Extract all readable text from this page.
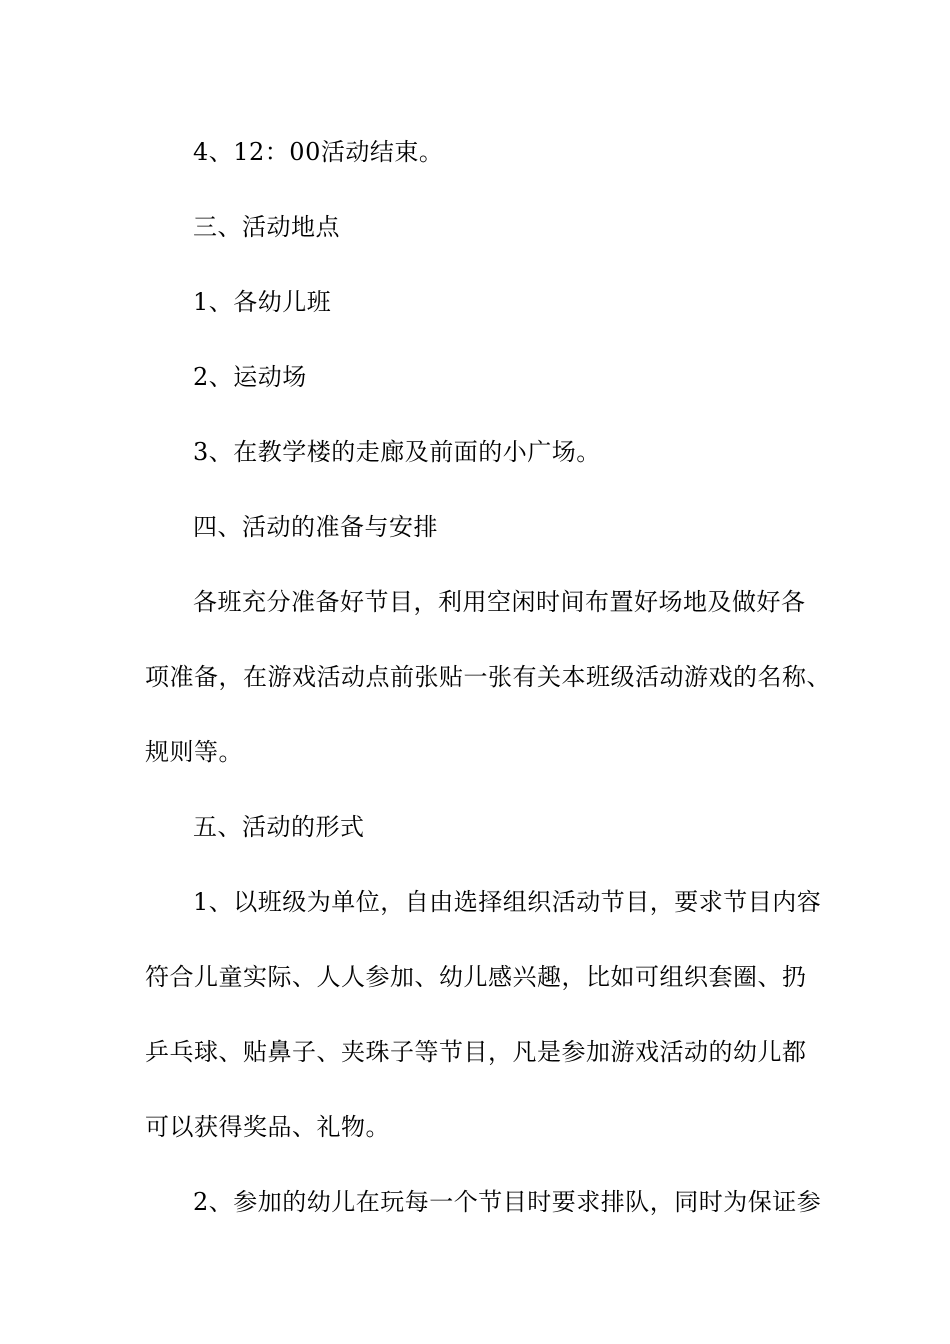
4、12：00活动结束。
三、活动地点
1、各幼儿班
2、运动场
3、在教学楼的走廊及前面的小广场。
四、活动的准备与安排
各班充分准备好节目，利用空闲时间布置好场地及做好各
项准备，在游戏活动点前张贴一张有关本班级活动游戏的名称、
规则等。
五、活动的形式
1、以班级为单位，自由选择组织活动节目，要求节目内容
符合儿童实际、人人参加、幼儿感兴趣，比如可组织套圈、扔
乒乓球、贴鼻子、夹珠子等节目，凡是参加游戏活动的幼儿都
可以获得奖品、礼物。
2、参加的幼儿在玩每一个节目时要求排队，同时为保证参
